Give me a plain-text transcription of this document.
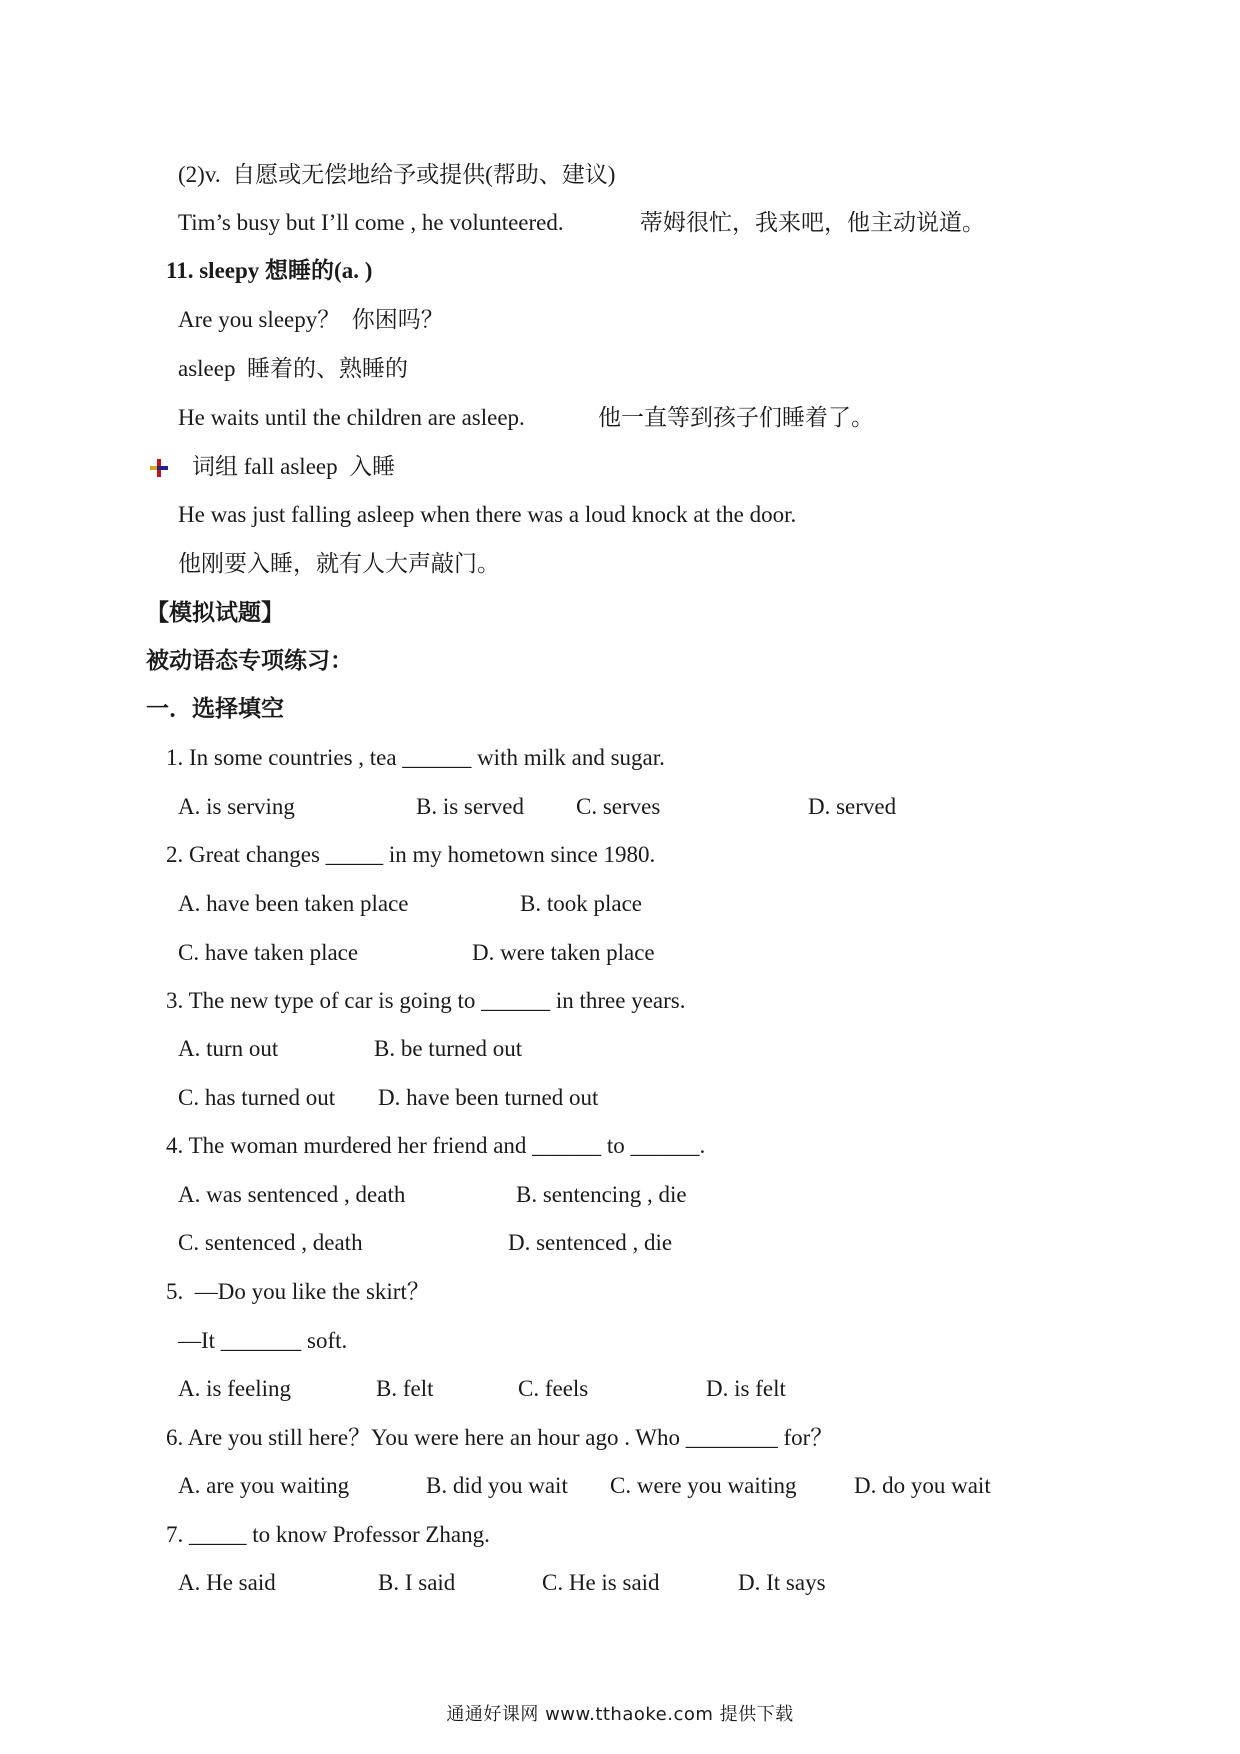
(2)v.  自愿或无偿地给予或提供(帮助、建议)
Tim’s busy but I’ll come , he volunteered.	蒂姆很忙，我来吧，他主动说道。
11. sleepy 想睡的(a. )
Are you sleepy？  你困吗？
asleep  睡着的、熟睡的
He waits until the children are asleep.	他一直等到孩子们睡着了。
词组 fall asleep  入睡
He was just falling asleep when there was a loud knock at the door.
他刚要入睡，就有人大声敲门。
【模拟试题】
被动语态专项练习：
一．选择填空
1. In some countries , tea ______ with milk and sugar.
A. is serving	B. is served C. serves	D. served
2. Great changes _____ in my hometown since 1980.
A. have been taken place	B. took place
C. have taken place	D. were taken place
3. The new type of car is going to ______ in three years.
A. turn out	B. be turned out
C. has turned out D. have been turned out
4. The woman murdered her friend and ______ to ______.
A. was sentenced , death	B. sentencing , die
C. sentenced , death	D. sentenced , die
5.  —Do you like the skirt？
—It _______ soft.
A. is feeling	B. felt	C. feels	D. is felt
6. Are you still here？You were here an hour ago . Who ________ for？
A. are you waiting	B. did you wait C. were you waiting D. do you wait
7. _____ to know Professor Zhang.
A. He said	B. I said	C. He is said	D. It says
通通好课网 www.tthaoke.com 提供下载
